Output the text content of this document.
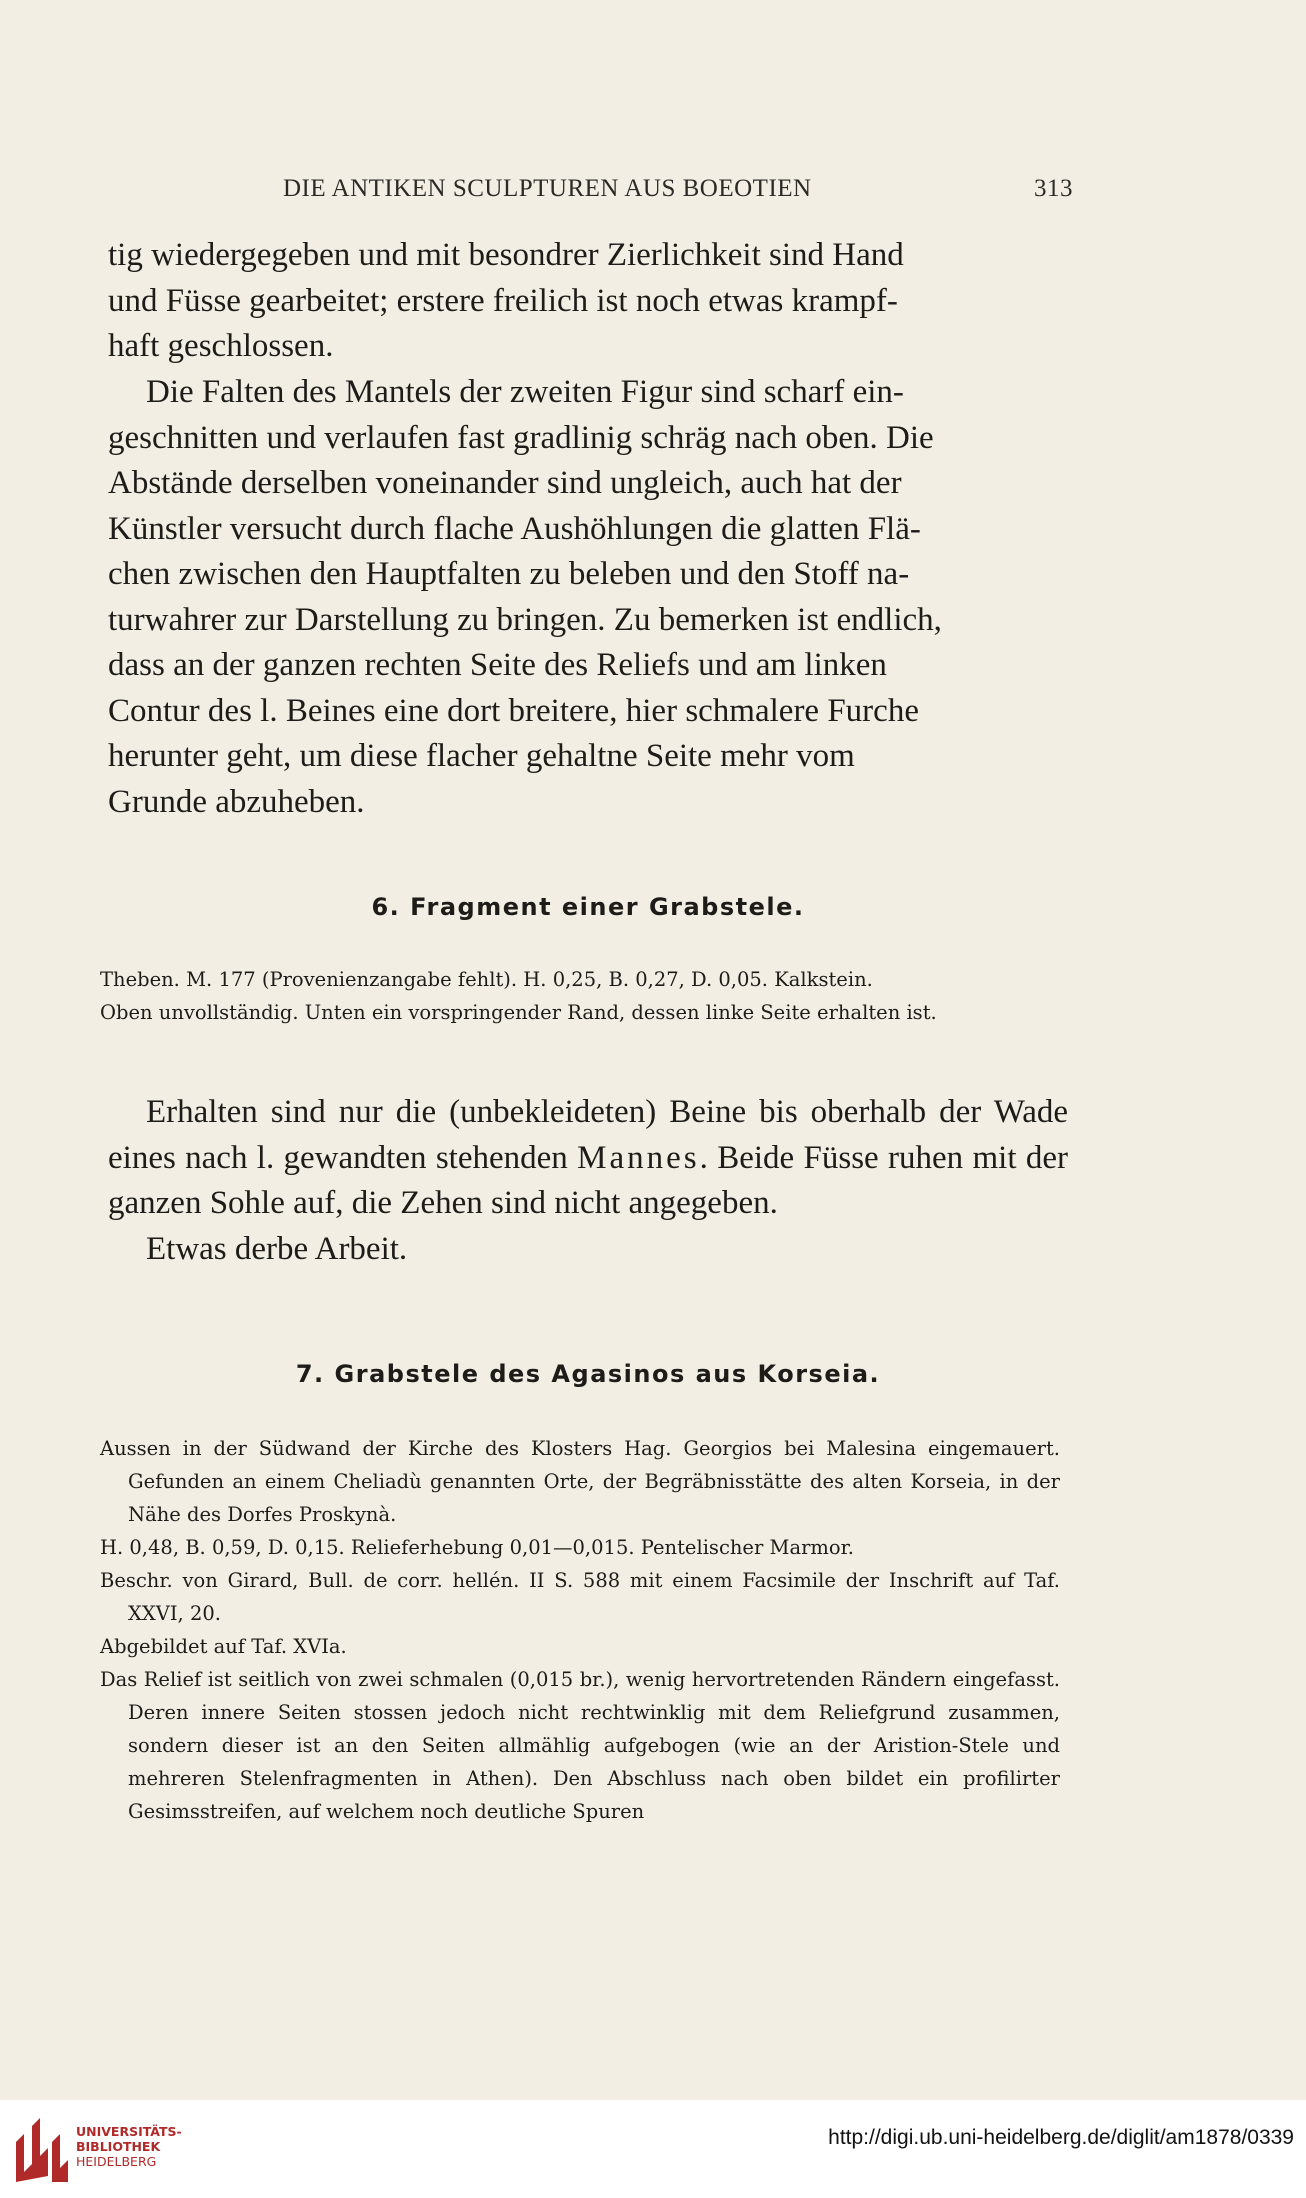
DIE ANTIKEN SCULPTUREN AUS BOEOTIEN	313
tig wiedergegeben und mit besondrer Zierlichkeit sind Hand
und Füsse gearbeitet; erstere freilich ist noch etwas krampf-
haft geschlossen.
Die Falten des Mantels der zweiten Figur sind scharf ein-
geschnitten und verlaufen fast gradlinig schräg nach oben. Die
Abstände derselben voneinander sind ungleich, auch hat der
Künstler versucht durch flache Aushöhlungen die glatten Flä-
chen zwischen den Hauptfalten zu beleben und den Stoff na-
turwahrer zur Darstellung zu bringen. Zu bemerken ist endlich,
dass an der ganzen rechten Seite des Reliefs und am linken
Contur des l. Beines eine dort breitere, hier schmalere Furche
herunter geht, um diese flacher gehaltne Seite mehr vom
Grunde abzuheben.
6. Fragment einer Grabstele.
Theben. M. 177 (Provenienzangabe fehlt). H. 0,25, B. 0,27, D. 0,05. Kalkstein.
Oben unvollständig. Unten ein vorspringender Rand, dessen linke Seite erhalten ist.

Erhalten sind nur die (unbekleideten) Beine bis oberhalb der Wade eines nach l. gewandten stehenden Mannes. Beide Füsse ruhen mit der ganzen Sohle auf, die Zehen sind nicht angegeben.

Etwas derbe Arbeit.

7. Grabstele des Agasinos aus Korseia.

Aussen in der Südwand der Kirche des Klosters Hag. Georgios bei Malesina eingemauert. Gefunden an einem Cheliadù genannten Orte, der Begräbnisstätte des alten Korseia, in der Nähe des Dorfes Proskynà.

H. 0,48, B. 0,59, D. 0,15. Relieferhebung 0,01—0,015. Pentelischer Marmor.

Beschr. von Girard, Bull. de corr. hellén. II S. 588 mit einem Facsimile der Inschrift auf Taf. XXVI, 20.

Abgebildet auf Taf. XVIa.

Das Relief ist seitlich von zwei schmalen (0,015 br.), wenig hervortretenden Rändern eingefasst. Deren innere Seiten stossen jedoch nicht rechtwinklig mit dem Reliefgrund zusammen, sondern dieser ist an den Seiten allmählig aufgebogen (wie an der Aristion-Stele und mehreren Stelenfragmenten in Athen). Den Abschluss nach oben bildet ein profilirter Gesimsstreifen, auf welchem noch deutliche Spuren

UNIVERSITÄTS-
BIBLIOTHEK
HEIDELBERG
http://digi.ub.uni-heidelberg.de/diglit/am1878/0339
